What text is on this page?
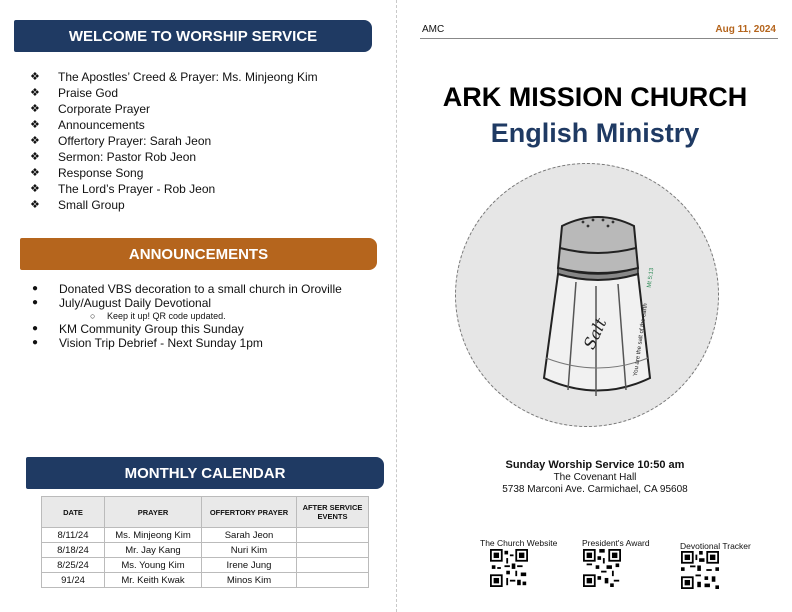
WELCOME TO WORSHIP SERVICE
❖	The Apostles’ Creed & Prayer: Ms. Minjeong Kim
❖	Praise God
❖	Corporate Prayer
❖	Announcements
❖	Offertory Prayer: Sarah Jeon
❖	Sermon: Pastor Rob Jeon
❖	Response Song
❖	The Lord’s Prayer - Rob Jeon
❖	Small Group
ANNOUNCEMENTS
●	Donated VBS decoration to a small church in Oroville
●	July/August Daily Devotional
○	Keep it up! QR code updated.
●	KM Community Group this Sunday
●	Vision Trip Debrief - Next Sunday 1pm
MONTHLY CALENDAR
DATE	PRAYER	OFFERTORY PRAYER	AFTER SERVICE EVENTS
8/11/24	Ms. Minjeong Kim	Sarah Jeon	
8/18/24	Mr. Jay Kang	Nuri Kim	
8/25/24	Ms. Young Kim	Irene Jung	
91/24	Mr. Keith Kwak	Minos Kim	
AMC	Aug 11, 2024
ARK MISSION CHURCH
English Ministry
Salt	You are the salt of the earth
Mt 5:13
Sunday Worship Service 10:50 am
The Covenant Hall
5738 Marconi Ave. Carmichael, CA 95608
The Church Website	President's Award	Devotional Tracker
